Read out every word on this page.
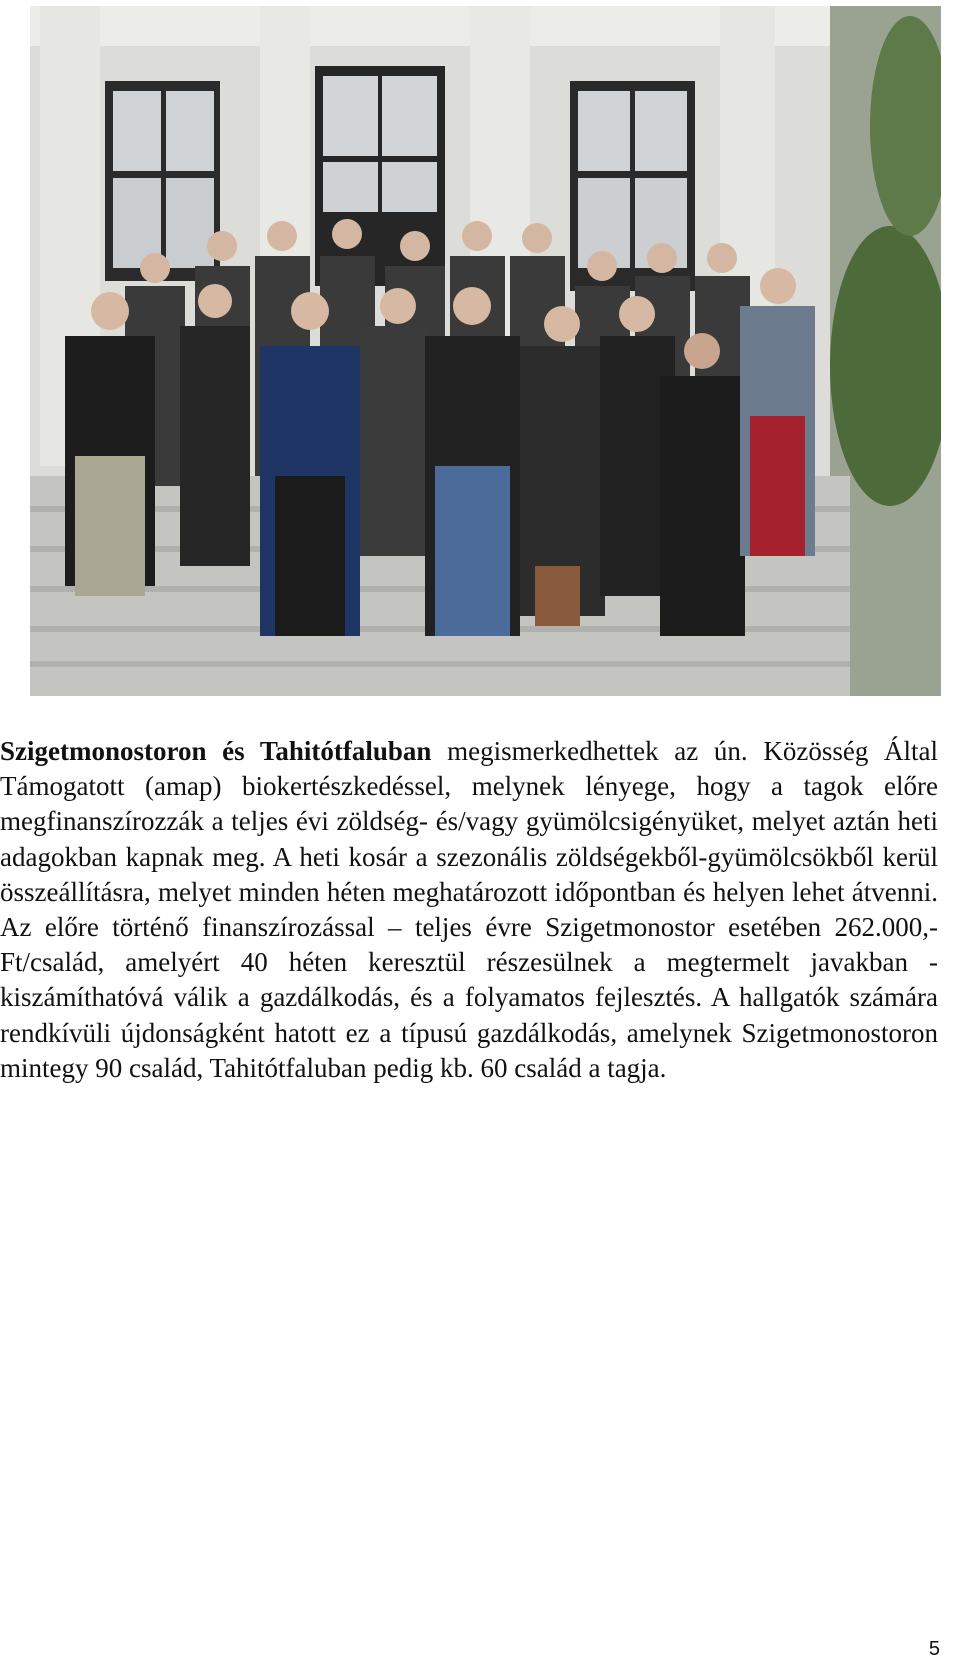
Szigetmonostoron és Tahitótfaluban megismerkedhettek az ún. Közösség Által Támogatott (amap) biokertészkedéssel, melynek lényege, hogy a tagok előre megfinanszírozzák a teljes évi zöldség- és/vagy gyümölcsigényüket, melyet aztán heti adagokban kapnak meg. A heti kosár a szezonális zöldségekből-gyümölcsökből kerül összeállításra, melyet minden héten meghatározott időpontban és helyen lehet átvenni. Az előre történő finanszírozással – teljes évre Szigetmonostor esetében 262.000,- Ft/család, amelyért 40 héten keresztül részesülnek a megtermelt javakban - kiszámíthatóvá válik a gazdálkodás, és a folyamatos fejlesztés. A hallgatók számára rendkívüli újdonságként hatott ez a típusú gazdálkodás, amelynek Szigetmonostoron mintegy 90 család, Tahitótfaluban pedig kb. 60 család a tagja.

5
